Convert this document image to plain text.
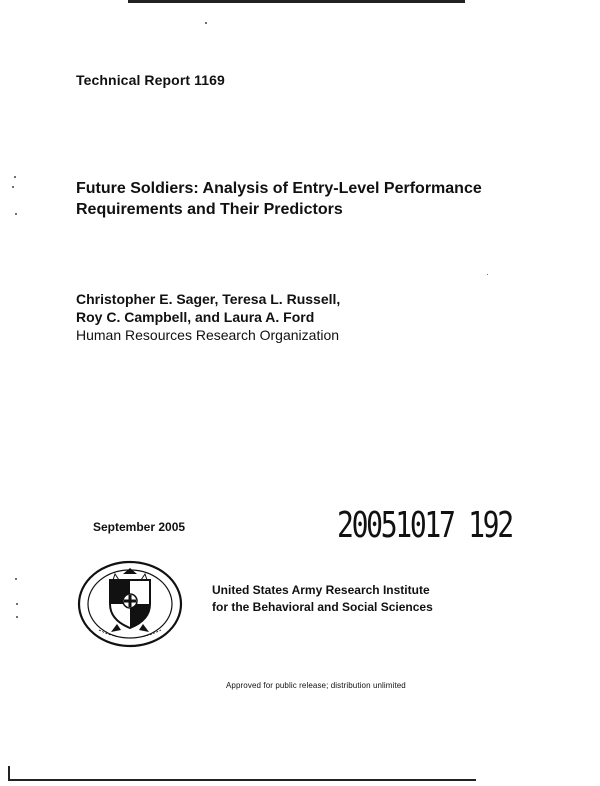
Technical Report 1169
Future Soldiers: Analysis of Entry-Level Performance
Requirements and Their Predictors
Christopher E. Sager, Teresa L. Russell,
Roy C. Campbell, and Laura A. Ford
Human Resources Research Organization
September 2005	20051017 192
United States Army Research Institute
for the Behavioral and Social Sciences
Approved for public release; distribution unlimited
